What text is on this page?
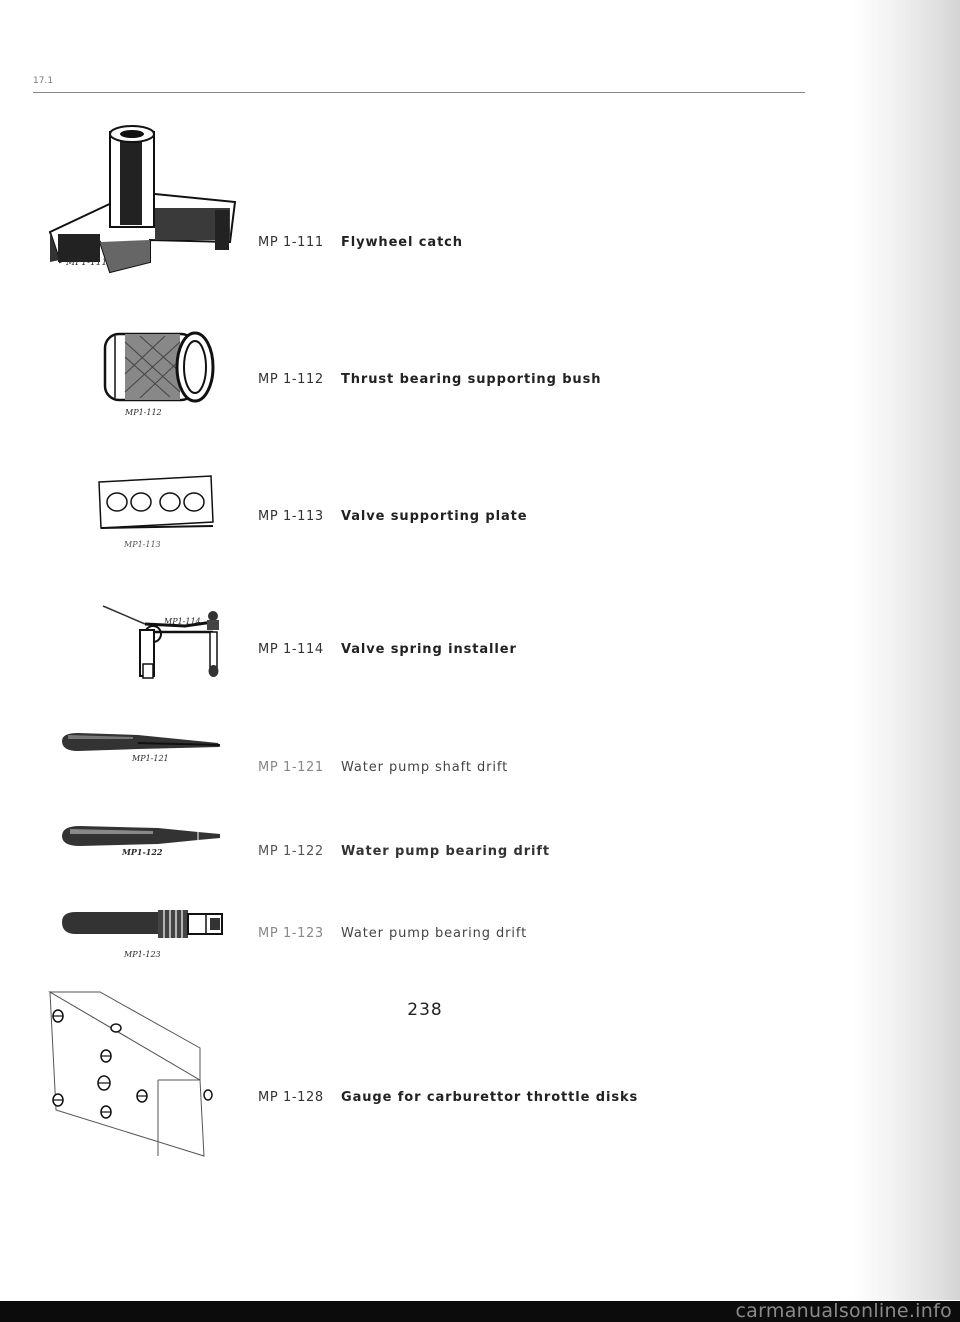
17.1
MP1-111
MP 1-111 Flywheel catch
MP1-112
MP 1-112 Thrust bearing supporting bush
MP1-113
MP 1-113 Valve supporting plate
MP1-114
MP 1-114 Valve spring installer
MP1-121
MP 1-121 Water pump shaft drift
MP1-122	MP 1-122 Water pump bearing drift
MP1-123
MP 1-123 Water pump bearing drift
MP 1-128 Gauge for carburettor throttle disks
238
carmanualsonline.info
